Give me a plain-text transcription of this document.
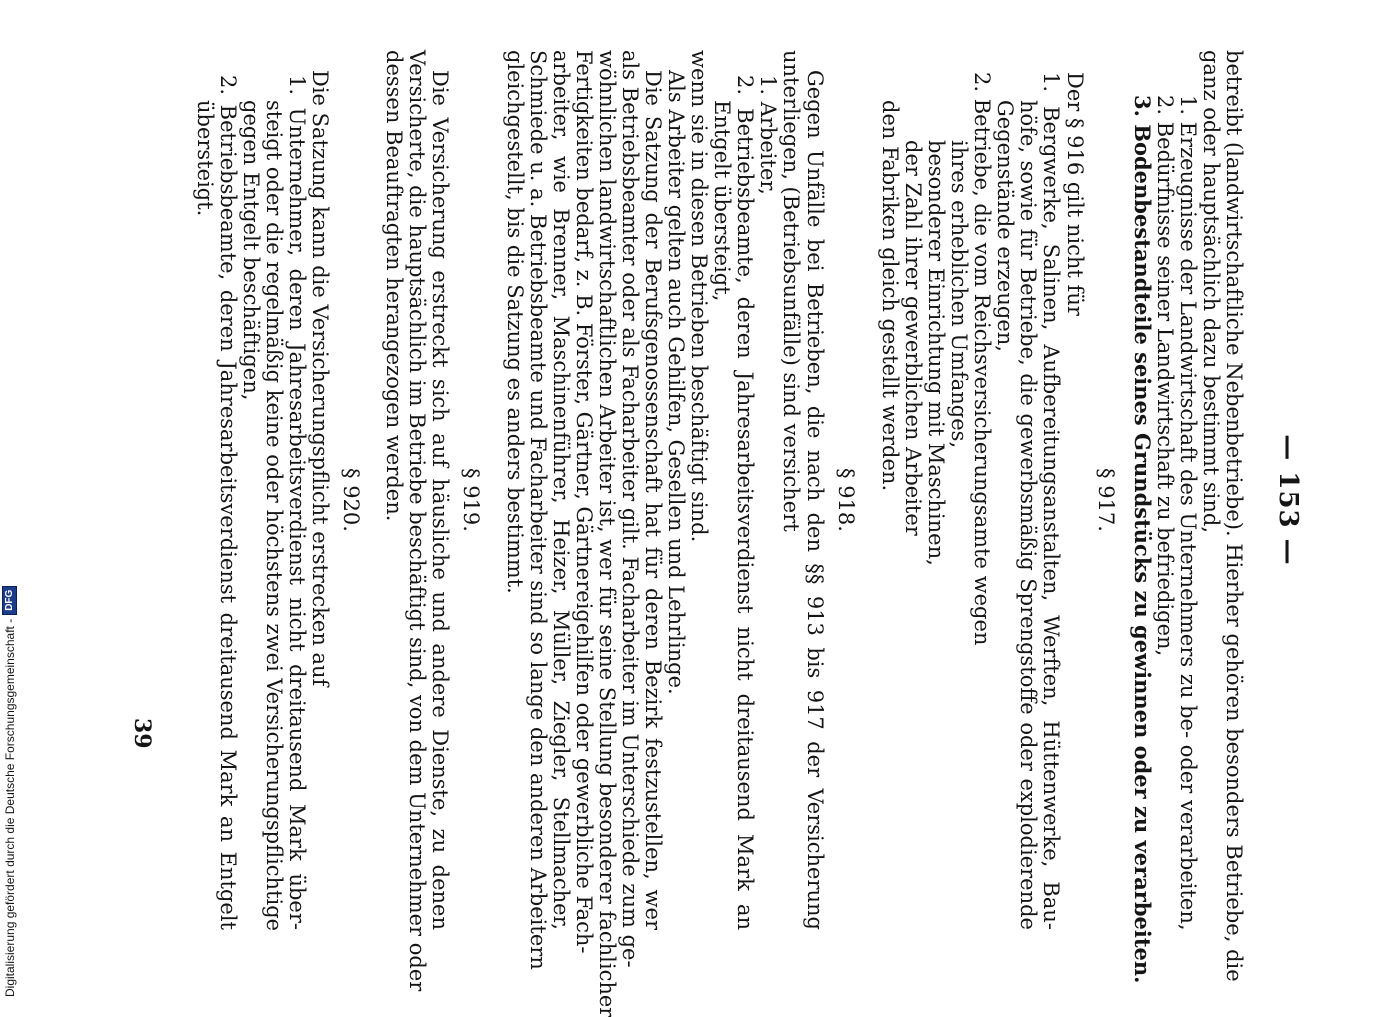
— 153 —
betreibt (landwirtschaftliche Nebenbetriebe). Hierher gehören besonders Betriebe, die
ganz oder hauptsächlich dazu bestimmt sind,
1. Erzeugnisse der Landwirtschaft des Unternehmers zu be- oder verarbeiten,
2. Bedürfnisse seiner Landwirtschaft zu befriedigen,
3. Bodenbestandteile seines Grundstücks zu gewinnen oder zu verarbeiten.
§ 917.
Der § 916 gilt nicht für
1. Bergwerke, Salinen, Aufbereitungsanstalten, Werften, Hüttenwerke, Bau-
höfe, sowie für Betriebe, die gewerbsmäßig Sprengstoffe oder explodierende
Gegenstände erzeugen,
2. Betriebe, die vom Reichsversicherungsamte wegen
ihres erheblichen Umfanges,
besonderer Einrichtung mit Maschinen,
der Zahl ihrer gewerblichen Arbeiter
den Fabriken gleich gestellt werden.
§ 918.
Gegen Unfälle bei Betrieben, die nach den §§ 913 bis 917 der Versicherung
unterliegen, (Betriebsunfälle) sind versichert
1. Arbeiter,
2. Betriebsbeamte, deren Jahresarbeitsverdienst nicht dreitausend Mark an
Entgelt übersteigt,
wenn sie in diesen Betrieben beschäftigt sind.
Als Arbeiter gelten auch Gehilfen, Gesellen und Lehrlinge.
Die Satzung der Berufsgenossenschaft hat für deren Bezirk festzustellen, wer
als Betriebsbeamter oder als Facharbeiter gilt. Facharbeiter im Unterschiede zum ge-
wöhnlichen landwirtschaftlichen Arbeiter ist, wer für seine Stellung besonderer fachlicher
Fertigkeiten bedarf, z. B. Förster, Gärtner, Gärtnereigehilfen oder gewerbliche Fach-
arbeiter, wie Brenner, Maschinenführer, Heizer, Müller, Ziegler, Stellmacher,
Schmiede u. a. Betriebsbeamte und Facharbeiter sind so lange den anderen Arbeitern
gleichgestellt, bis die Satzung es anders bestimmt.
§ 919.
Die Versicherung erstreckt sich auf häusliche und andere Dienste, zu denen
Versicherte, die hauptsächlich im Betriebe beschäftigt sind, von dem Unternehmer oder
dessen Beauftragten herangezogen werden.
§ 920.
Die Satzung kann die Versicherungspflicht erstrecken auf
1. Unternehmer, deren Jahresarbeitsverdienst nicht dreitausend Mark über-
steigt oder die regelmäßig keine oder höchstens zwei Versicherungspflichtige
gegen Entgelt beschäftigen,
2. Betriebsbeamte, deren Jahresarbeitsverdienst dreitausend Mark an Entgelt
übersteigt.
39
Digitalisierung gefördert durch die Deutsche Forschungsgemeinschaft -
DFG
